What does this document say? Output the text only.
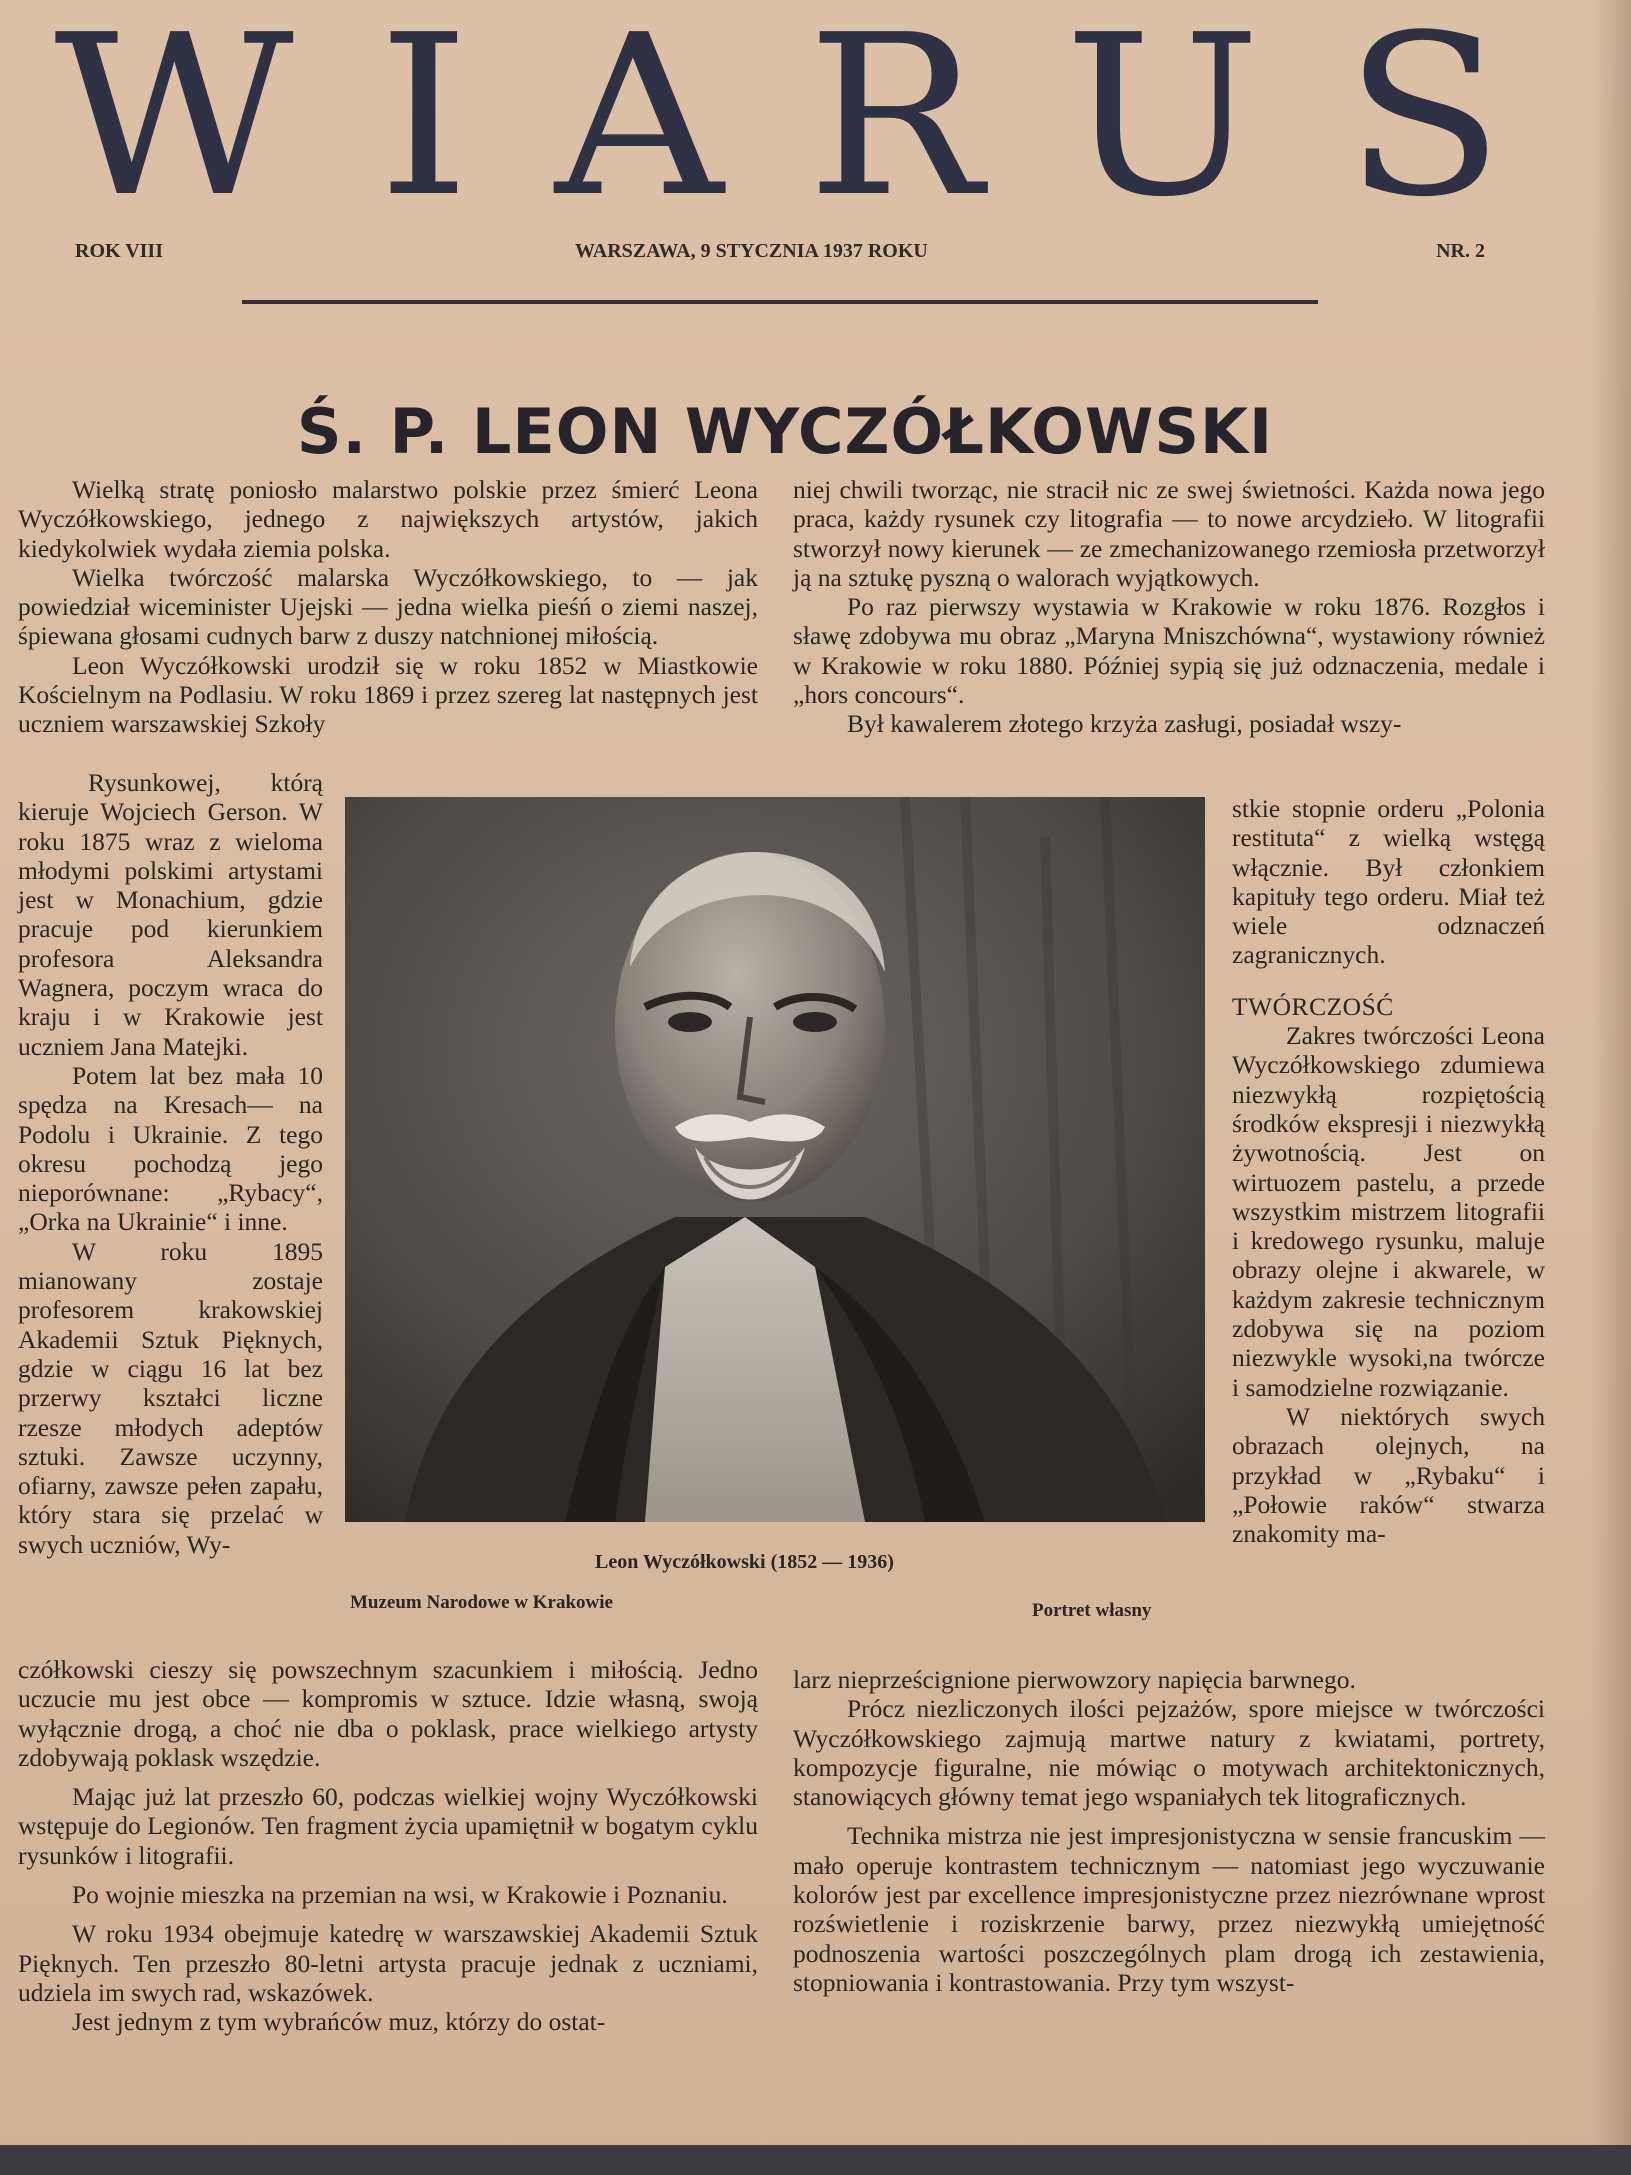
W I A R U S
ROK VIII	WARSZAWA, 9 STYCZNIA 1937 ROKU	NR. 2
Ś. P. LEON WYCZÓŁKOWSKI

Wielką stratę poniosło malarstwo polskie przez śmierć Leona Wyczółkowskiego, jednego z największych artystów, jakich kiedykolwiek wydała ziemia polska.

Wielka twórczość malarska Wyczółkowskiego, to — jak powiedział wiceminister Ujejski — jedna wielka pieśń o ziemi naszej, śpiewana głosami cudnych barw z duszy natchnionej miłością.

Leon Wyczółkowski urodził się w roku 1852 w Miastkowie Kościelnym na Podlasiu. W roku 1869 i przez szereg lat następnych jest uczniem warszawskiej Szkoły

Rysunkowej, którą kieruje Wojciech Gerson. W roku 1875 wraz z wieloma młodymi polskimi artystami jest w Monachium, gdzie pracuje pod kierunkiem profesora Aleksandra Wagnera, poczym wraca do kraju i w Krakowie jest uczniem Jana Matejki.

Potem lat bez mała 10 spędza na Kresach— na Podolu i Ukrainie. Z tego okresu pochodzą jego nieporównane: „Rybacy“, „Orka na Ukrainie“ i inne.

W roku 1895 mianowany zostaje profesorem krakowskiej Akademii Sztuk Pięknych, gdzie w ciągu 16 lat bez przerwy kształci liczne rzesze młodych adeptów sztuki. Zawsze uczynny, ofiarny, zawsze pełen zapału, który stara się przelać w swych uczniów, Wy-

czółkowski cieszy się powszechnym szacunkiem i miłością. Jedno uczucie mu jest obce — kompromis w sztuce. Idzie własną, swoją wyłącznie drogą, a choć nie dba o poklask, prace wielkiego artysty zdobywają poklask wszędzie.

Mając już lat przeszło 60, podczas wielkiej wojny Wyczółkowski wstępuje do Legionów. Ten fragment życia upamiętnił w bogatym cyklu rysunków i litografii.

Po wojnie mieszka na przemian na wsi, w Krakowie i Poznaniu.

W roku 1934 obejmuje katedrę w warszawskiej Akademii Sztuk Pięknych. Ten przeszło 80-letni artysta pracuje jednak z uczniami, udziela im swych rad, wskazówek.

Jest jednym z tym wybrańców muz, którzy do ostat-

niej chwili tworząc, nie stracił nic ze swej świetności. Każda nowa jego praca, każdy rysunek czy litografia — to nowe arcydzieło. W litografii stworzył nowy kierunek — ze zmechanizowanego rzemiosła przetworzył ją na sztukę pyszną o walorach wyjątkowych.

Po raz pierwszy wystawia w Krakowie w roku 1876. Rozgłos i sławę zdobywa mu obraz „Maryna Mniszchówna“, wystawiony również w Krakowie w roku 1880. Później sypią się już odznaczenia, medale i „hors concours“.

Był kawalerem złotego krzyża zasługi, posiadał wszy-

stkie stopnie orderu „Polonia restituta“ z wielką wstęgą włącznie. Był członkiem kapituły tego orderu. Miał też wiele odznaczeń zagranicznych.

TWÓRCZOŚĆ

Zakres twórczości Leona Wyczółkowskiego zdumiewa niezwykłą rozpiętością środków ekspresji i niezwykłą żywotnością. Jest on wirtuozem pastelu, a przede wszystkim mistrzem litografii i kredowego rysunku, maluje obrazy olejne i akwarele, w każdym zakresie technicznym zdobywa się na poziom niezwykle wysoki,na twórcze i samodzielne rozwiązanie.

W niektórych swych obrazach olejnych, na przykład w „Rybaku“ i „Połowie raków“ stwarza znakomity ma-

larz nieprześcignione pierwowzory napięcia barwnego.

Prócz niezliczonych ilości pejzażów, spore miejsce w twórczości Wyczółkowskiego zajmują martwe natury z kwiatami, portrety, kompozycje figuralne, nie mówiąc o motywach architektonicznych, stanowiących główny temat jego wspaniałych tek litograficznych.

Technika mistrza nie jest impresjonistyczna w sensie francuskim — mało operuje kontrastem technicznym — natomiast jego wyczuwanie kolorów jest par excellence impresjonistyczne przez niezrównane wprost rozświetlenie i roziskrzenie barwy, przez niezwykłą umiejętność podnoszenia wartości poszczególnych plam drogą ich zestawienia, stopniowania i kontrastowania. Przy tym wszyst-

Leon Wyczółkowski (1852 — 1936)
Muzeum Narodowe w Krakowie	Portret własny
